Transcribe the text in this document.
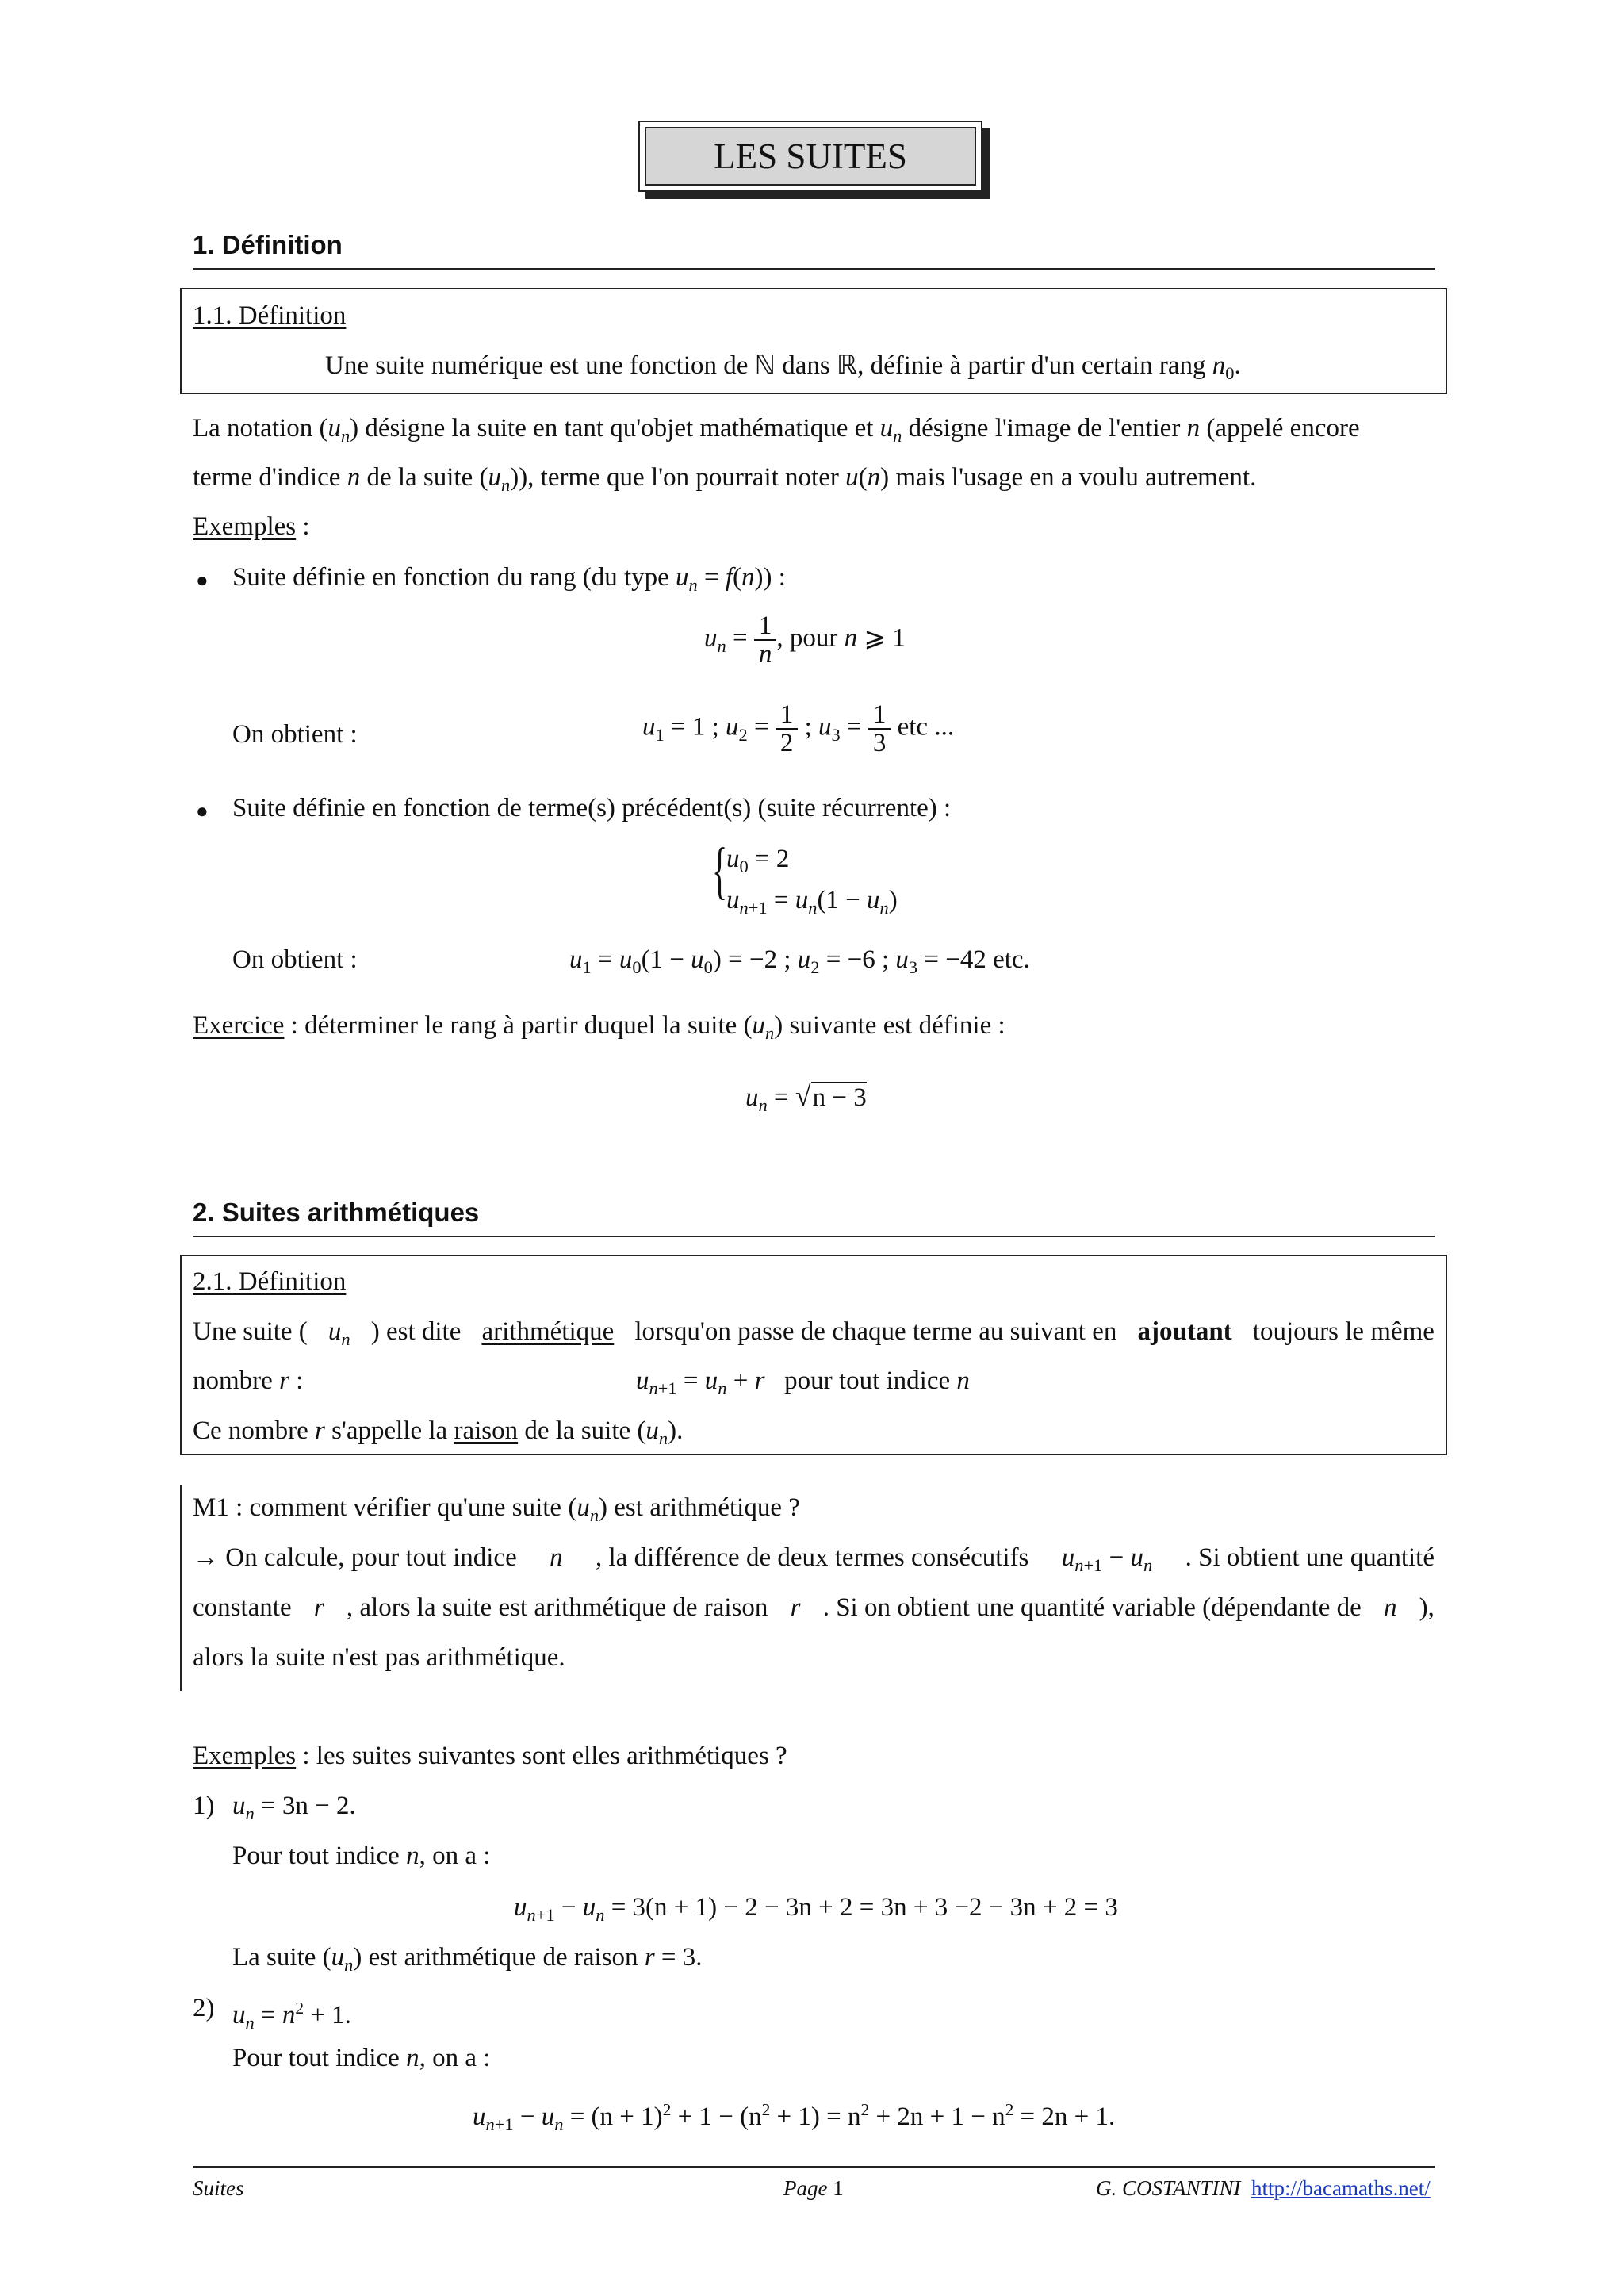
LES SUITES
1. Définition
1.1. Définition
Une suite numérique est une fonction de ℕ dans ℝ, définie à partir d'un certain rang $n_0$.
La notation $(u_n)$ désigne la suite en tant qu'objet mathématique et $u_n$ désigne l'image de l'entier n (appelé encore
terme d'indice n de la suite $(u_n)$), terme que l'on pourrait noter u(n) mais l'usage en a voulu autrement.
Exemples :
● Suite définie en fonction du rang (du type $u_n = f(n)$) :
$u_n = \frac{1}{n}$ , pour n ⩾ 1
On obtient :	$u_1 = 1$ ; $u_2 = \frac{1}{2}$ ; $u_3 = \frac{1}{3}$ etc ...
● Suite définie en fonction de terme(s) précédent(s) (suite récurrente) :
{
$u_0 = 2$
$u_{n+1} = u_n(1 - u_n)$
On obtient :	$u_1 = u_0(1 - u_0) = -2$ ; $u_2 = -6$ ; $u_3 = -42$ etc.
Exercice : déterminer le rang à partir duquel la suite $(u_n)$ suivante est définie :
$u_n = √n - 3$
2. Suites arithmétiques
2.1. Définition
Une suite ( $u_n$ ) est dite arithmétique lorsqu'on passe de chaque terme au suivant en ajoutant toujours le même
nombre r :	$u_{n+1} = u_n + r$ pour tout indice n
Ce nombre r s'appelle la raison de la suite $(u_n)$.
M1 : comment vérifier qu'une suite $(u_n)$ est arithmétique ?
→ On calcule, pour tout indice n , la différence de deux termes consécutifs $u_{n+1} - u_n$ . Si obtient une quantité
constante r , alors la suite est arithmétique de raison r . Si on obtient une quantité variable (dépendante de n ),
alors la suite n'est pas arithmétique.
Exemples : les suites suivantes sont elles arithmétiques ?
1) $u_n = 3n - 2$.
Pour tout indice n, on a :
$u_{n+1} - u_n = 3(n + 1) - 2 - 3n + 2 = 3n + 3 -2 - 3n + 2 = 3$
La suite $(u_n)$ est arithmétique de raison r = 3.
2) $u_n = n^2 + 1$.
Pour tout indice n, on a :
$u_{n+1} - u_n = (n + 1)^2 + 1 - (n^2 + 1) = n^2 + 2n + 1 - n^2 = 2n + 1$.
Suites	Page 1	G. COSTANTINI http://bacamaths.net/
